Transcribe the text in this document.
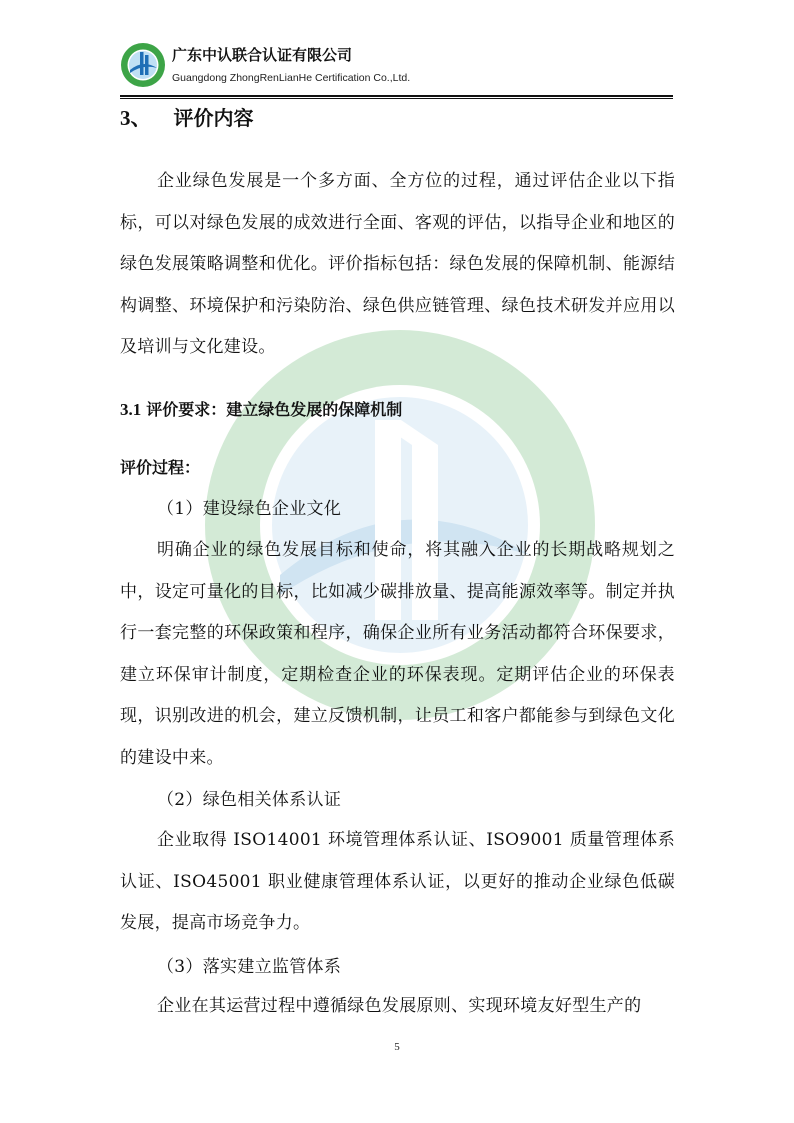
广东中认联合认证有限公司
Guangdong ZhongRenLianHe Certification Co.,Ltd.
3、 评价内容

企业绿色发展是一个多方面、全方位的过程，通过评估企业以下指标，可以对绿色发展的成效进行全面、客观的评估，以指导企业和地区的绿色发展策略调整和优化。评价指标包括：绿色发展的保障机制、能源结构调整、环境保护和污染防治、绿色供应链管理、绿色技术研发并应用以及培训与文化建设。

3.1 评价要求：建立绿色发展的保障机制
评价过程：
（1）建设绿色企业文化

明确企业的绿色发展目标和使命，将其融入企业的长期战略规划之中，设定可量化的目标，比如减少碳排放量、提高能源效率等。制定并执行一套完整的环保政策和程序，确保企业所有业务活动都符合环保要求，建立环保审计制度，定期检查企业的环保表现。定期评估企业的环保表现，识别改进的机会，建立反馈机制，让员工和客户都能参与到绿色文化的建设中来。

（2）绿色相关体系认证

企业取得 ISO14001 环境管理体系认证、ISO9001 质量管理体系认证、ISO45001 职业健康管理体系认证，以更好的推动企业绿色低碳发展，提高市场竞争力。

（3）落实建立监管体系

企业在其运营过程中遵循绿色发展原则、实现环境友好型生产的

5
